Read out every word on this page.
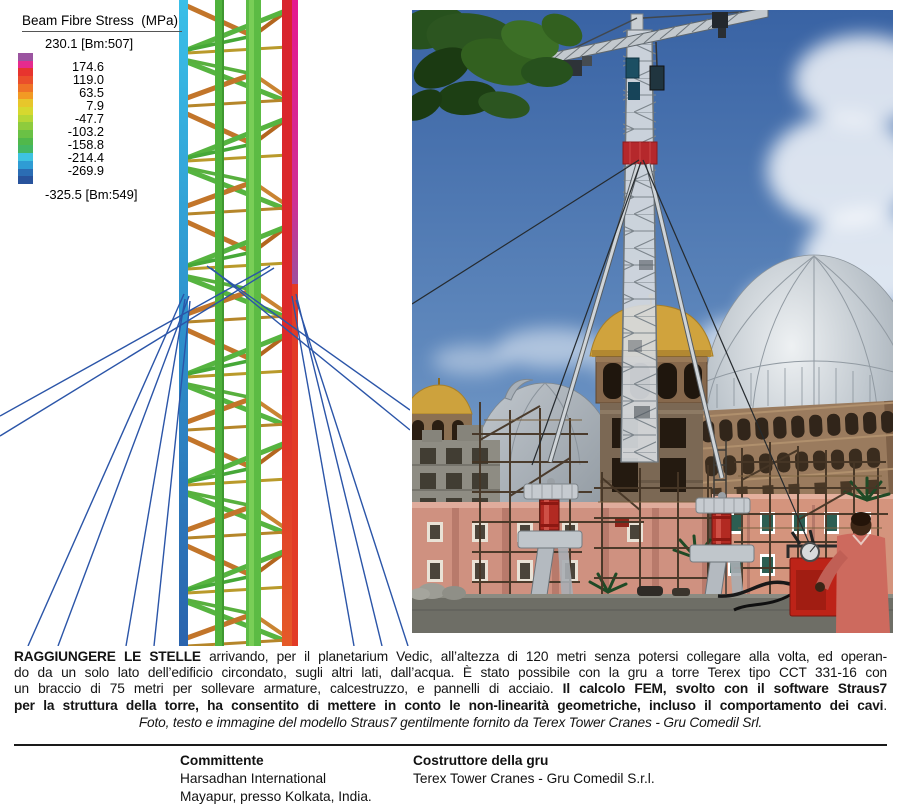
Beam Fibre Stress  (MPa)
230.1 [Bm:507]
174.6
119.0
63.5
7.9
-47.7
-103.2
-158.8
-214.4
-269.9
-325.5 [Bm:549]
RAGGIUNGERE LE STELLE arrivando, per il planetarium Vedic, all’altezza di 120 metri senza potersi collegare alla volta, ed operan-
do da un solo lato dell’edificio circondato, sugli altri lati, dall’acqua. È stato possibile con la gru a torre Terex tipo CCT 331-16 con
un braccio di 75 metri per sollevare armature, calcestruzzo, e pannelli di acciaio. Il calcolo FEM, svolto con il software Straus7
per la struttura della torre, ha consentito di mettere in conto le non-linearità geometriche, incluso il comportamento dei cavi.
Foto, testo e immagine del modello Straus7 gentilmente fornito da Terex Tower Cranes - Gru Comedil Srl.
Committente
Harsadhan International
Mayapur, presso Kolkata, India.
Costruttore della gru
Terex Tower Cranes - Gru Comedil S.r.l.
